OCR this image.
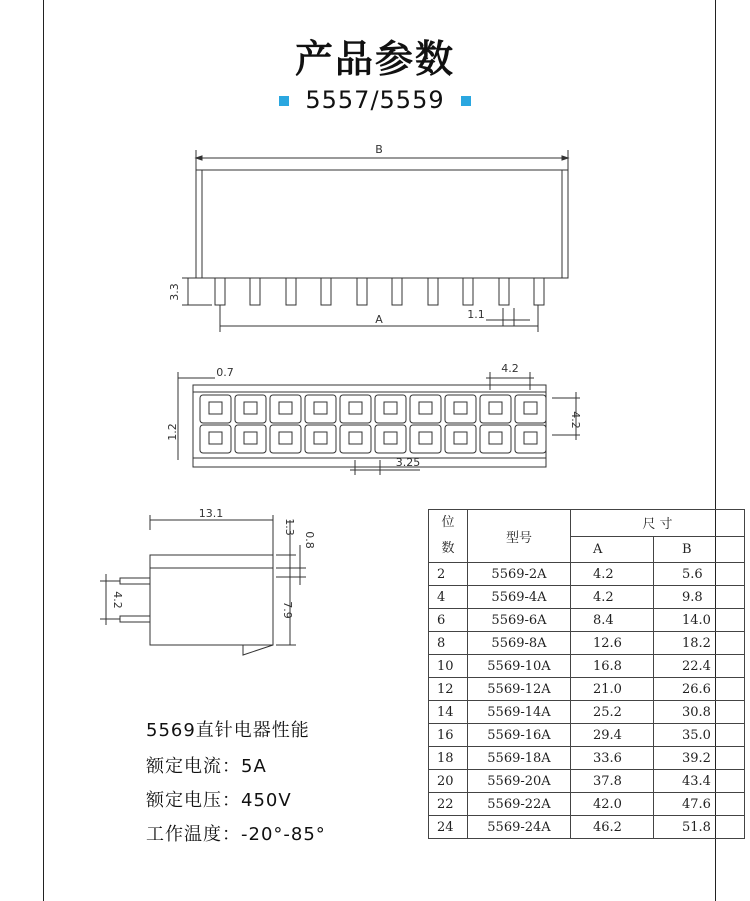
产品参数
5557/5559
B
A	1.1
3.3
0.7	4.2
1.2
4.2
3.25
13.1
1.3
0.8
4.2
7.9
5569直针电器性能
额定电流：5A
额定电压：450V
工作温度：-20°-85°
位
数	型号	尺 寸	
		A	B
2	5569-2A	4.2	5.6
4	5569-4A	4.2	9.8
6	5569-6A	8.4	14.0
8	5569-8A	12.6	18.2
10	5569-10A	16.8	22.4
12	5569-12A	21.0	26.6
14	5569-14A	25.2	30.8
16	5569-16A	29.4	35.0
18	5569-18A	33.6	39.2
20	5569-20A	37.8	43.4
22	5569-22A	42.0	47.6
24	5569-24A	46.2	51.8
